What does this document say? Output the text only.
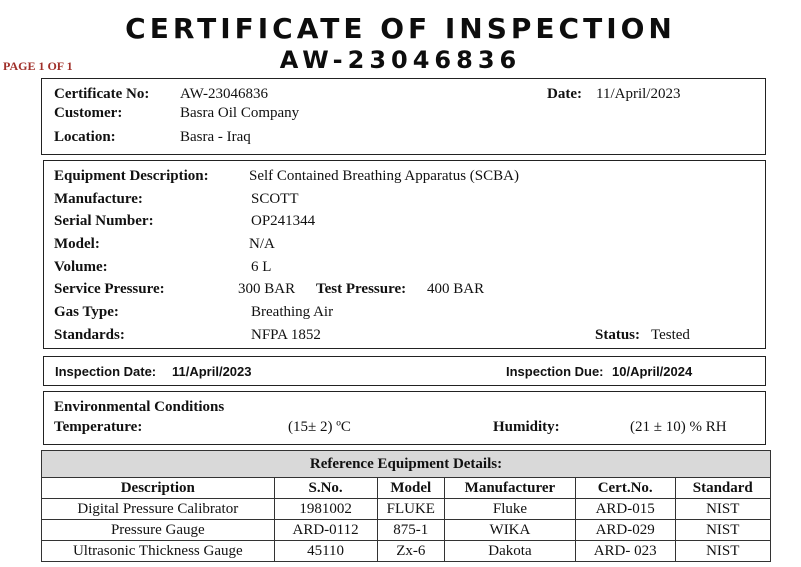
CERTIFICATE OF INSPECTION
AW-23046836
PAGE 1 OF 1
Certificate No: AW-23046836	Date: 11/April/2023
Customer:	Basra Oil Company
Location:	Basra - Iraq
Equipment Description:	Self Contained Breathing Apparatus (SCBA)
Manufacture:	SCOTT
Serial Number:	OP241344
Model:	N/A
Volume:	6 L
Service Pressure:	300 BAR Test Pressure: 400 BAR
Gas Type:	Breathing Air
Standards:	NFPA 1852	Status: Tested
Inspection Date: 11/April/2023	Inspection Due: 10/April/2024
Environmental Conditions
Temperature:	(15± 2) ºC	Humidity:	(21 ± 10) % RH
Reference Equipment Details:					
Description	S.No.	Model	Manufacturer	Cert.No.	Standard
Digital Pressure Calibrator	1981002	FLUKE	Fluke	ARD-015	NIST
Pressure Gauge	ARD-0112	875-1	WIKA	ARD-029	NIST
Ultrasonic Thickness Gauge	45110	Zx-6	Dakota	ARD- 023	NIST
